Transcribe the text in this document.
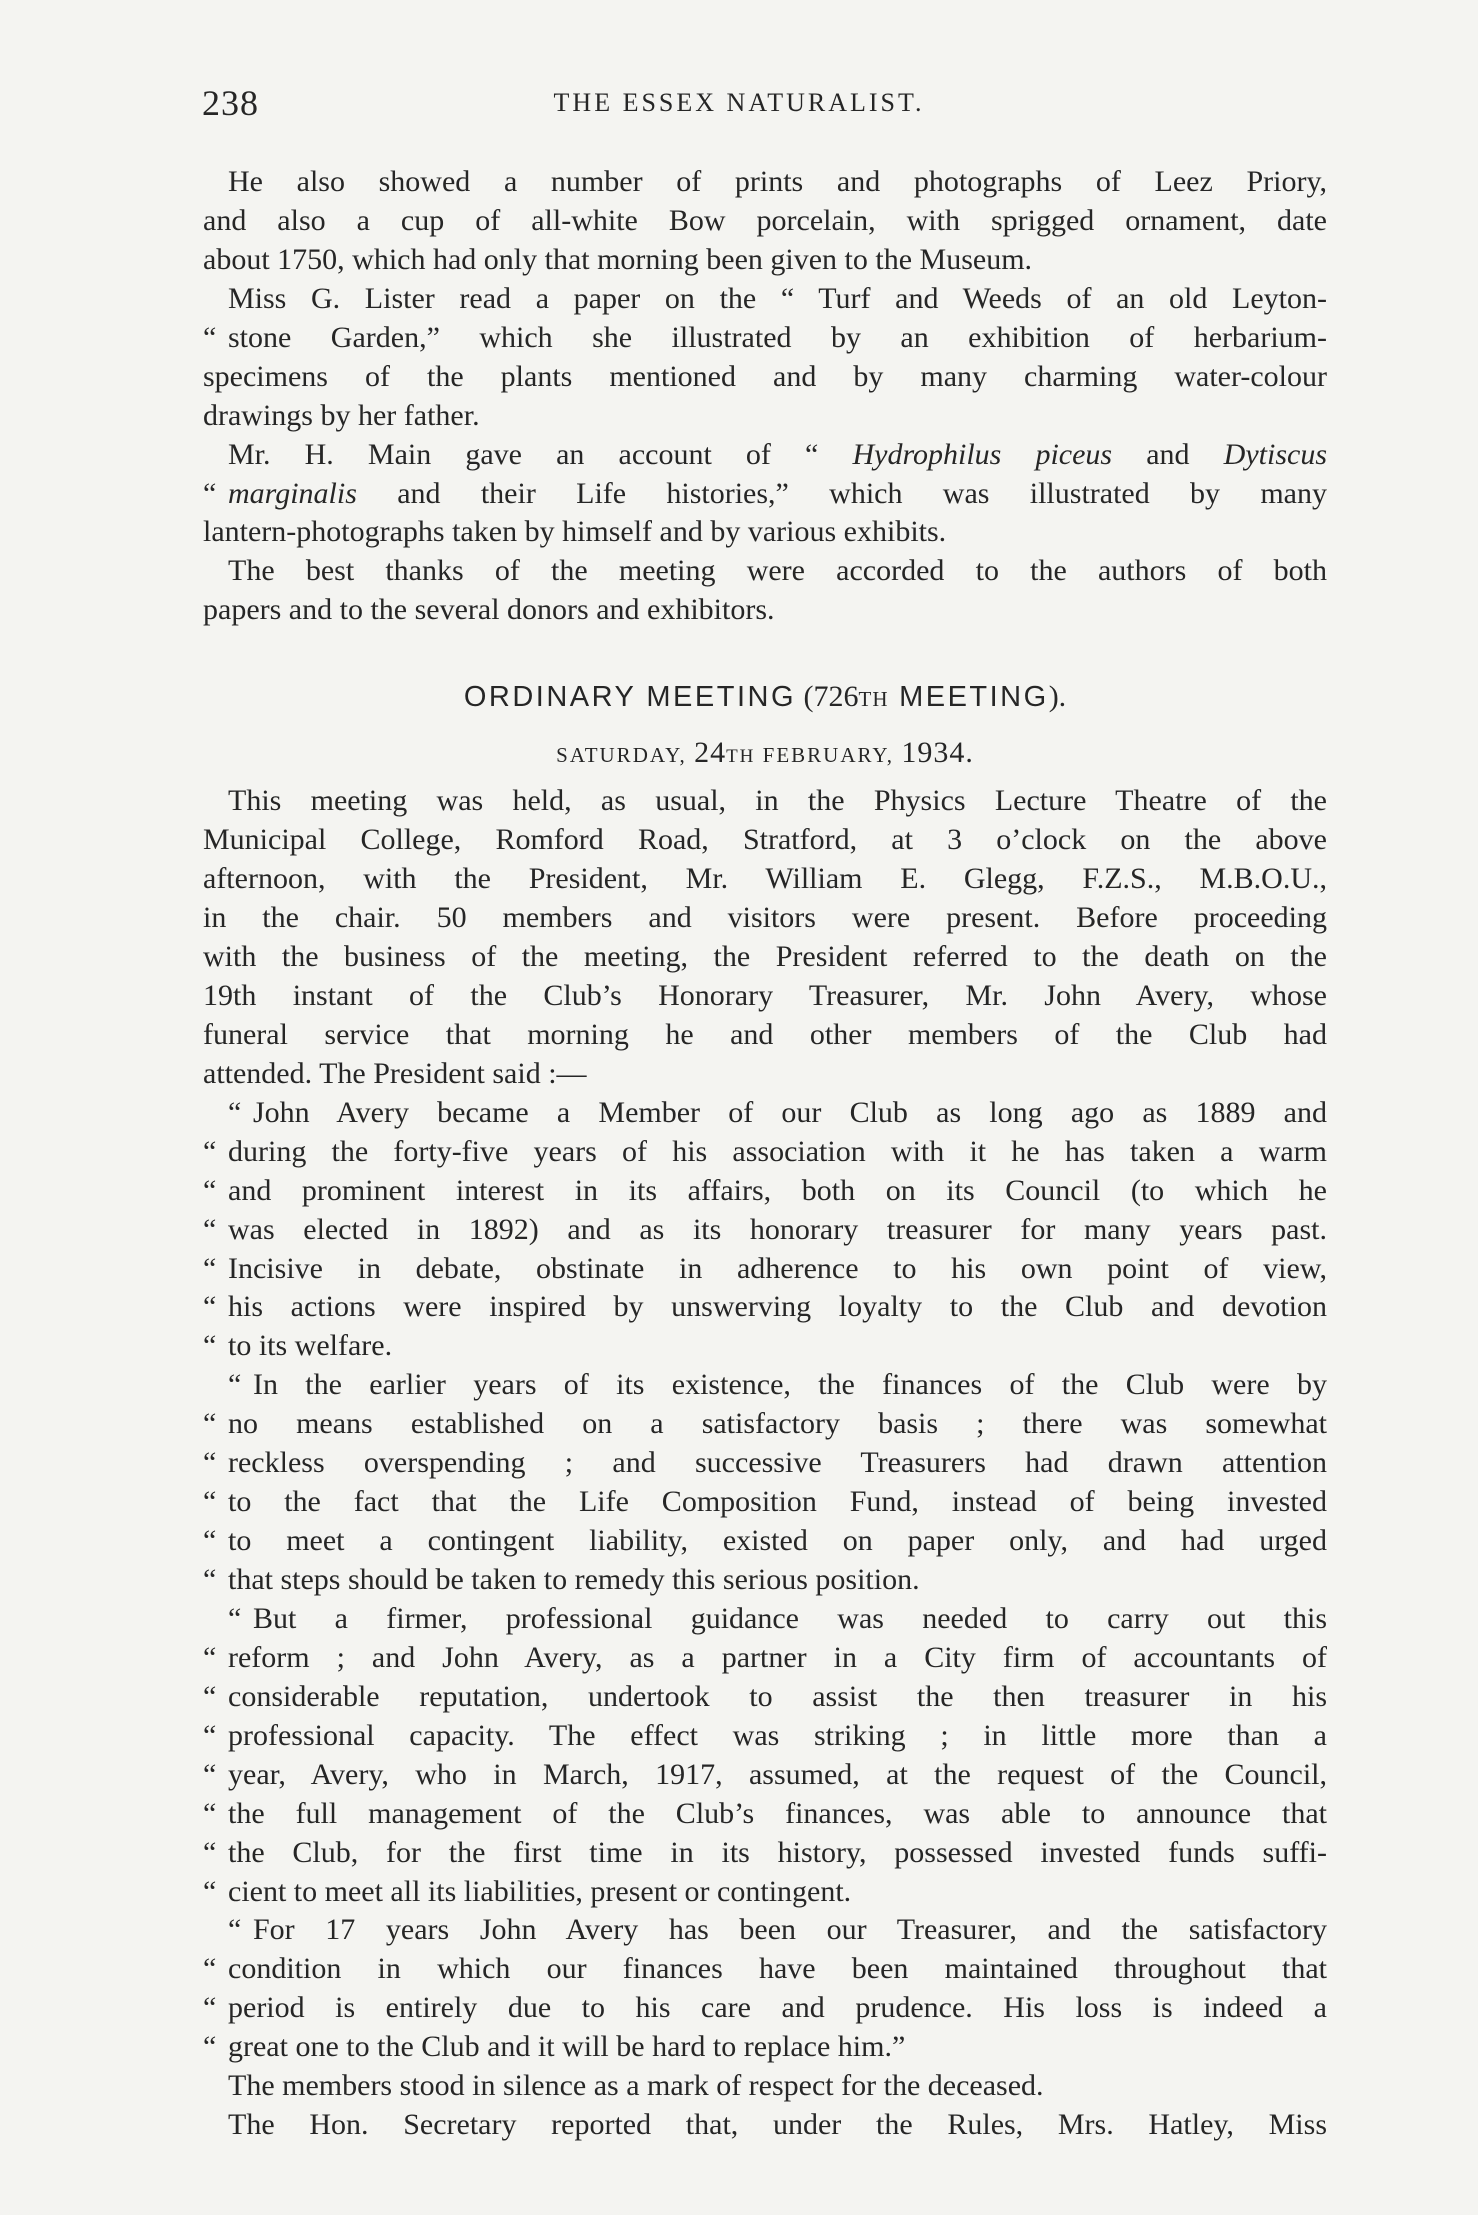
238	THE ESSEX NATURALIST.
He also showed a number of prints and photographs of Leez Priory,
and also a cup of all-white Bow porcelain, with sprigged ornament, date
about 1750, which had only that morning been given to the Museum.
Miss G. Lister read a paper on the “ Turf and Weeds of an old Leyton-
“ stone Garden,” which she illustrated by an exhibition of herbarium-
specimens of the plants mentioned and by many charming water-colour
drawings by her father.
Mr. H. Main gave an account of “ Hydrophilus piceus and Dytiscus
“ marginalis and their Life histories,” which was illustrated by many
lantern-photographs taken by himself and by various exhibits.
The best thanks of the meeting were accorded to the authors of both
papers and to the several donors and exhibitors.
ORDINARY MEETING (726TH MEETING).
SATURDAY, 24TH FEBRUARY, 1934.
This meeting was held, as usual, in the Physics Lecture Theatre of the
Municipal College, Romford Road, Stratford, at 3 o’clock on the above
afternoon, with the President, Mr. William E. Glegg, F.Z.S., M.B.O.U.,
in the chair. 50 members and visitors were present. Before proceeding
with the business of the meeting, the President referred to the death on the
19th instant of the Club’s Honorary Treasurer, Mr. John Avery, whose
funeral service that morning he and other members of the Club had
attended. The President said :—
“ John Avery became a Member of our Club as long ago as 1889 and
“ during the forty-five years of his association with it he has taken a warm
“ and prominent interest in its affairs, both on its Council (to which he
“ was elected in 1892) and as its honorary treasurer for many years past.
“ Incisive in debate, obstinate in adherence to his own point of view,
“ his actions were inspired by unswerving loyalty to the Club and devotion
“ to its welfare.
“ In the earlier years of its existence, the finances of the Club were by
“ no means established on a satisfactory basis ; there was somewhat
“ reckless overspending ; and successive Treasurers had drawn attention
“ to the fact that the Life Composition Fund, instead of being invested
“ to meet a contingent liability, existed on paper only, and had urged
“ that steps should be taken to remedy this serious position.
“ But a firmer, professional guidance was needed to carry out this
“ reform ; and John Avery, as a partner in a City firm of accountants of
“ considerable reputation, undertook to assist the then treasurer in his
“ professional capacity. The effect was striking ; in little more than a
“ year, Avery, who in March, 1917, assumed, at the request of the Council,
“ the full management of the Club’s finances, was able to announce that
“ the Club, for the first time in its history, possessed invested funds suffi-
“ cient to meet all its liabilities, present or contingent.
“ For 17 years John Avery has been our Treasurer, and the satisfactory
“ condition in which our finances have been maintained throughout that
“ period is entirely due to his care and prudence. His loss is indeed a
“ great one to the Club and it will be hard to replace him.”
The members stood in silence as a mark of respect for the deceased.
The Hon. Secretary reported that, under the Rules, Mrs. Hatley, Miss
